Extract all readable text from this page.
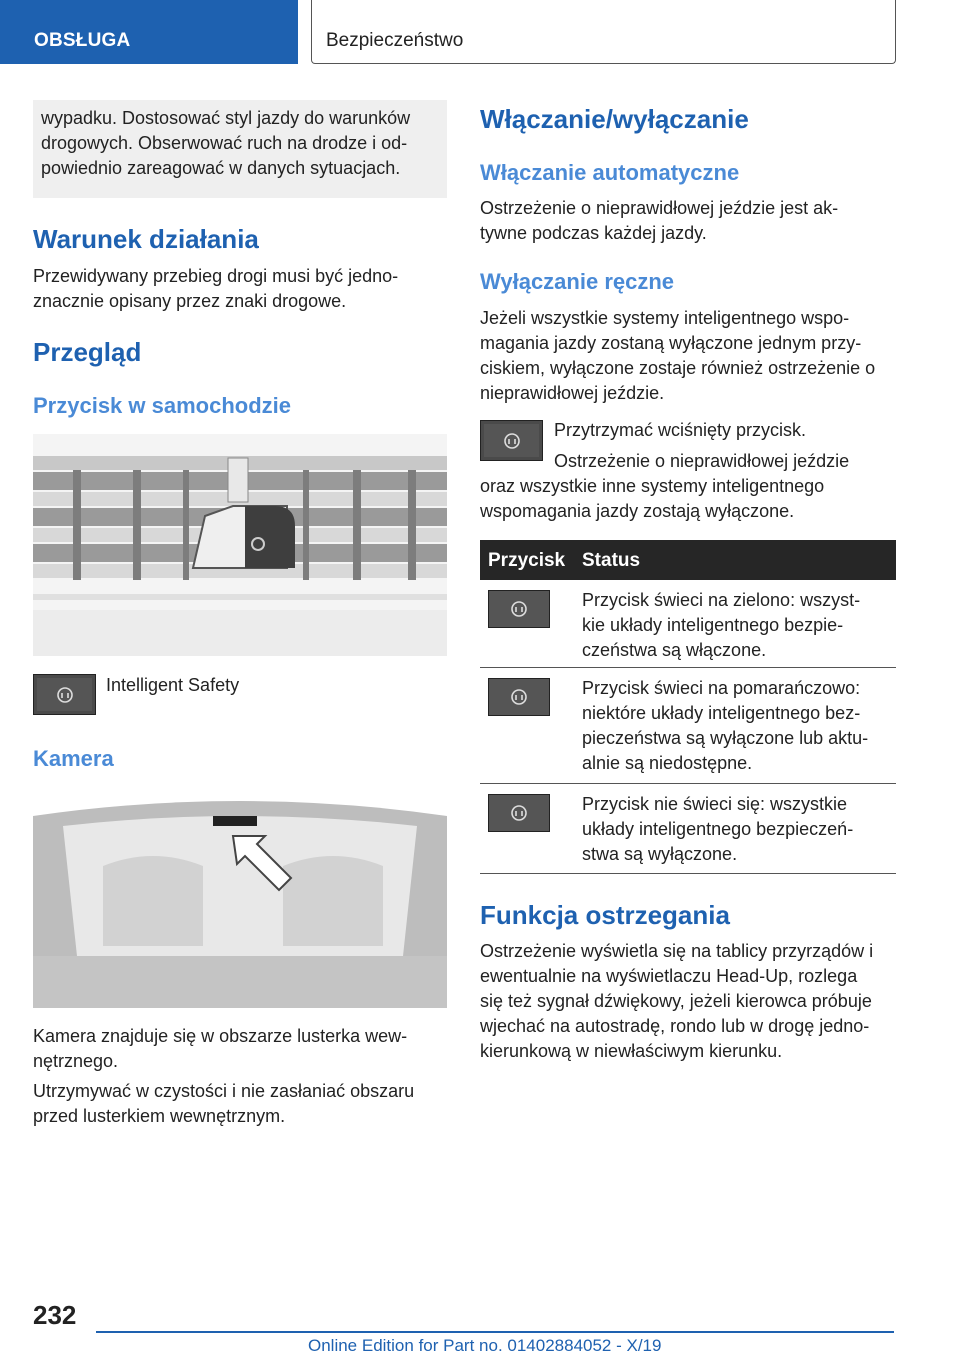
OBSŁUGA	Bezpieczeństwo
wypadku. Dostosować styl jazdy do warunków
drogowych. Obserwować ruch na drodze i od-
powiednio zareagować w danych sytuacjach.
Warunek działania
Przewidywany przebieg drogi musi być jedno-
znacznie opisany przez znaki drogowe.
Przegląd
Przycisk w samochodzie
Intelligent Safety
Kamera
Kamera znajduje się w obszarze lusterka wew-
nętrznego.
Utrzymywać w czystości i nie zasłaniać obszaru
przed lusterkiem wewnętrznym.
Włączanie/wyłączanie
Włączanie automatyczne
Ostrzeżenie o nieprawidłowej jeździe jest ak-
tywne podczas każdej jazdy.
Wyłączanie ręczne
Jeżeli wszystkie systemy inteligentnego wspo-
magania jazdy zostaną wyłączone jednym przy-
ciskiem, wyłączone zostaje również ostrzeżenie o
nieprawidłowej jeździe.
Przytrzymać wciśnięty przycisk.
Ostrzeżenie o nieprawidłowej jeździe
oraz wszystkie inne systemy inteligentnego
wspomagania jazdy zostają wyłączone.
Przycisk Status
Przycisk świeci na zielono: wszyst-
kie układy inteligentnego bezpie-
czeństwa są włączone.
Przycisk świeci na pomarańczowo:
niektóre układy inteligentnego bez-
pieczeństwa są wyłączone lub aktu-
alnie są niedostępne.
Przycisk nie świeci się: wszystkie
układy inteligentnego bezpieczeń-
stwa są wyłączone.
Funkcja ostrzegania
Ostrzeżenie wyświetla się na tablicy przyrządów i
ewentualnie na wyświetlaczu Head-Up, rozlega
się też sygnał dźwiękowy, jeżeli kierowca próbuje
wjechać na autostradę, rondo lub w drogę jedno-
kierunkową w niewłaściwym kierunku.
232
Online Edition for Part no. 01402884052 - X/19
